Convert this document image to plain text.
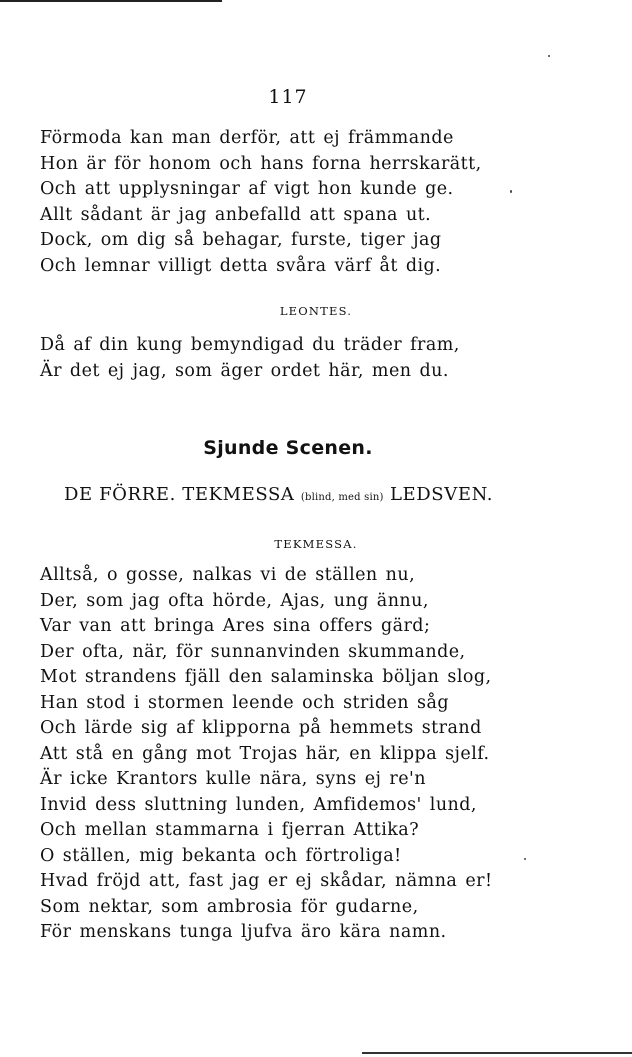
117
Förmoda kan man derför, att ej främmande
Hon är för honom och hans forna herrskarätt,
Och att upplysningar af vigt hon kunde ge.
Allt sådant är jag anbefalld att spana ut.
Dock, om dig så behagar, furste, tiger jag
Och lemnar villigt detta svåra värf åt dig.
LEONTES.
Då af din kung bemyndigad du träder fram,
Är det ej jag, som äger ordet här, men du.
Sjunde Scenen.
DE FÖRRE. TEKMESSA (blind, med sin) LEDSVEN.
TEKMESSA.
Alltså, o gosse, nalkas vi de ställen nu,
Der, som jag ofta hörde, Ajas, ung ännu,
Var van att bringa Ares sina offers gärd;
Der ofta, när, för sunnanvinden skummande,
Mot strandens fjäll den salaminska böljan slog,
Han stod i stormen leende och striden såg
Och lärde sig af klipporna på hemmets strand
Att stå en gång mot Trojas här, en klippa sjelf.
Är icke Krantors kulle nära, syns ej re'n
Invid dess sluttning lunden, Amfidemos' lund,
Och mellan stammarna i fjerran Attika?
O ställen, mig bekanta och förtroliga!
Hvad fröjd att, fast jag er ej skådar, nämna er!
Som nektar, som ambrosia för gudarne,
För menskans tunga ljufva äro kära namn.
